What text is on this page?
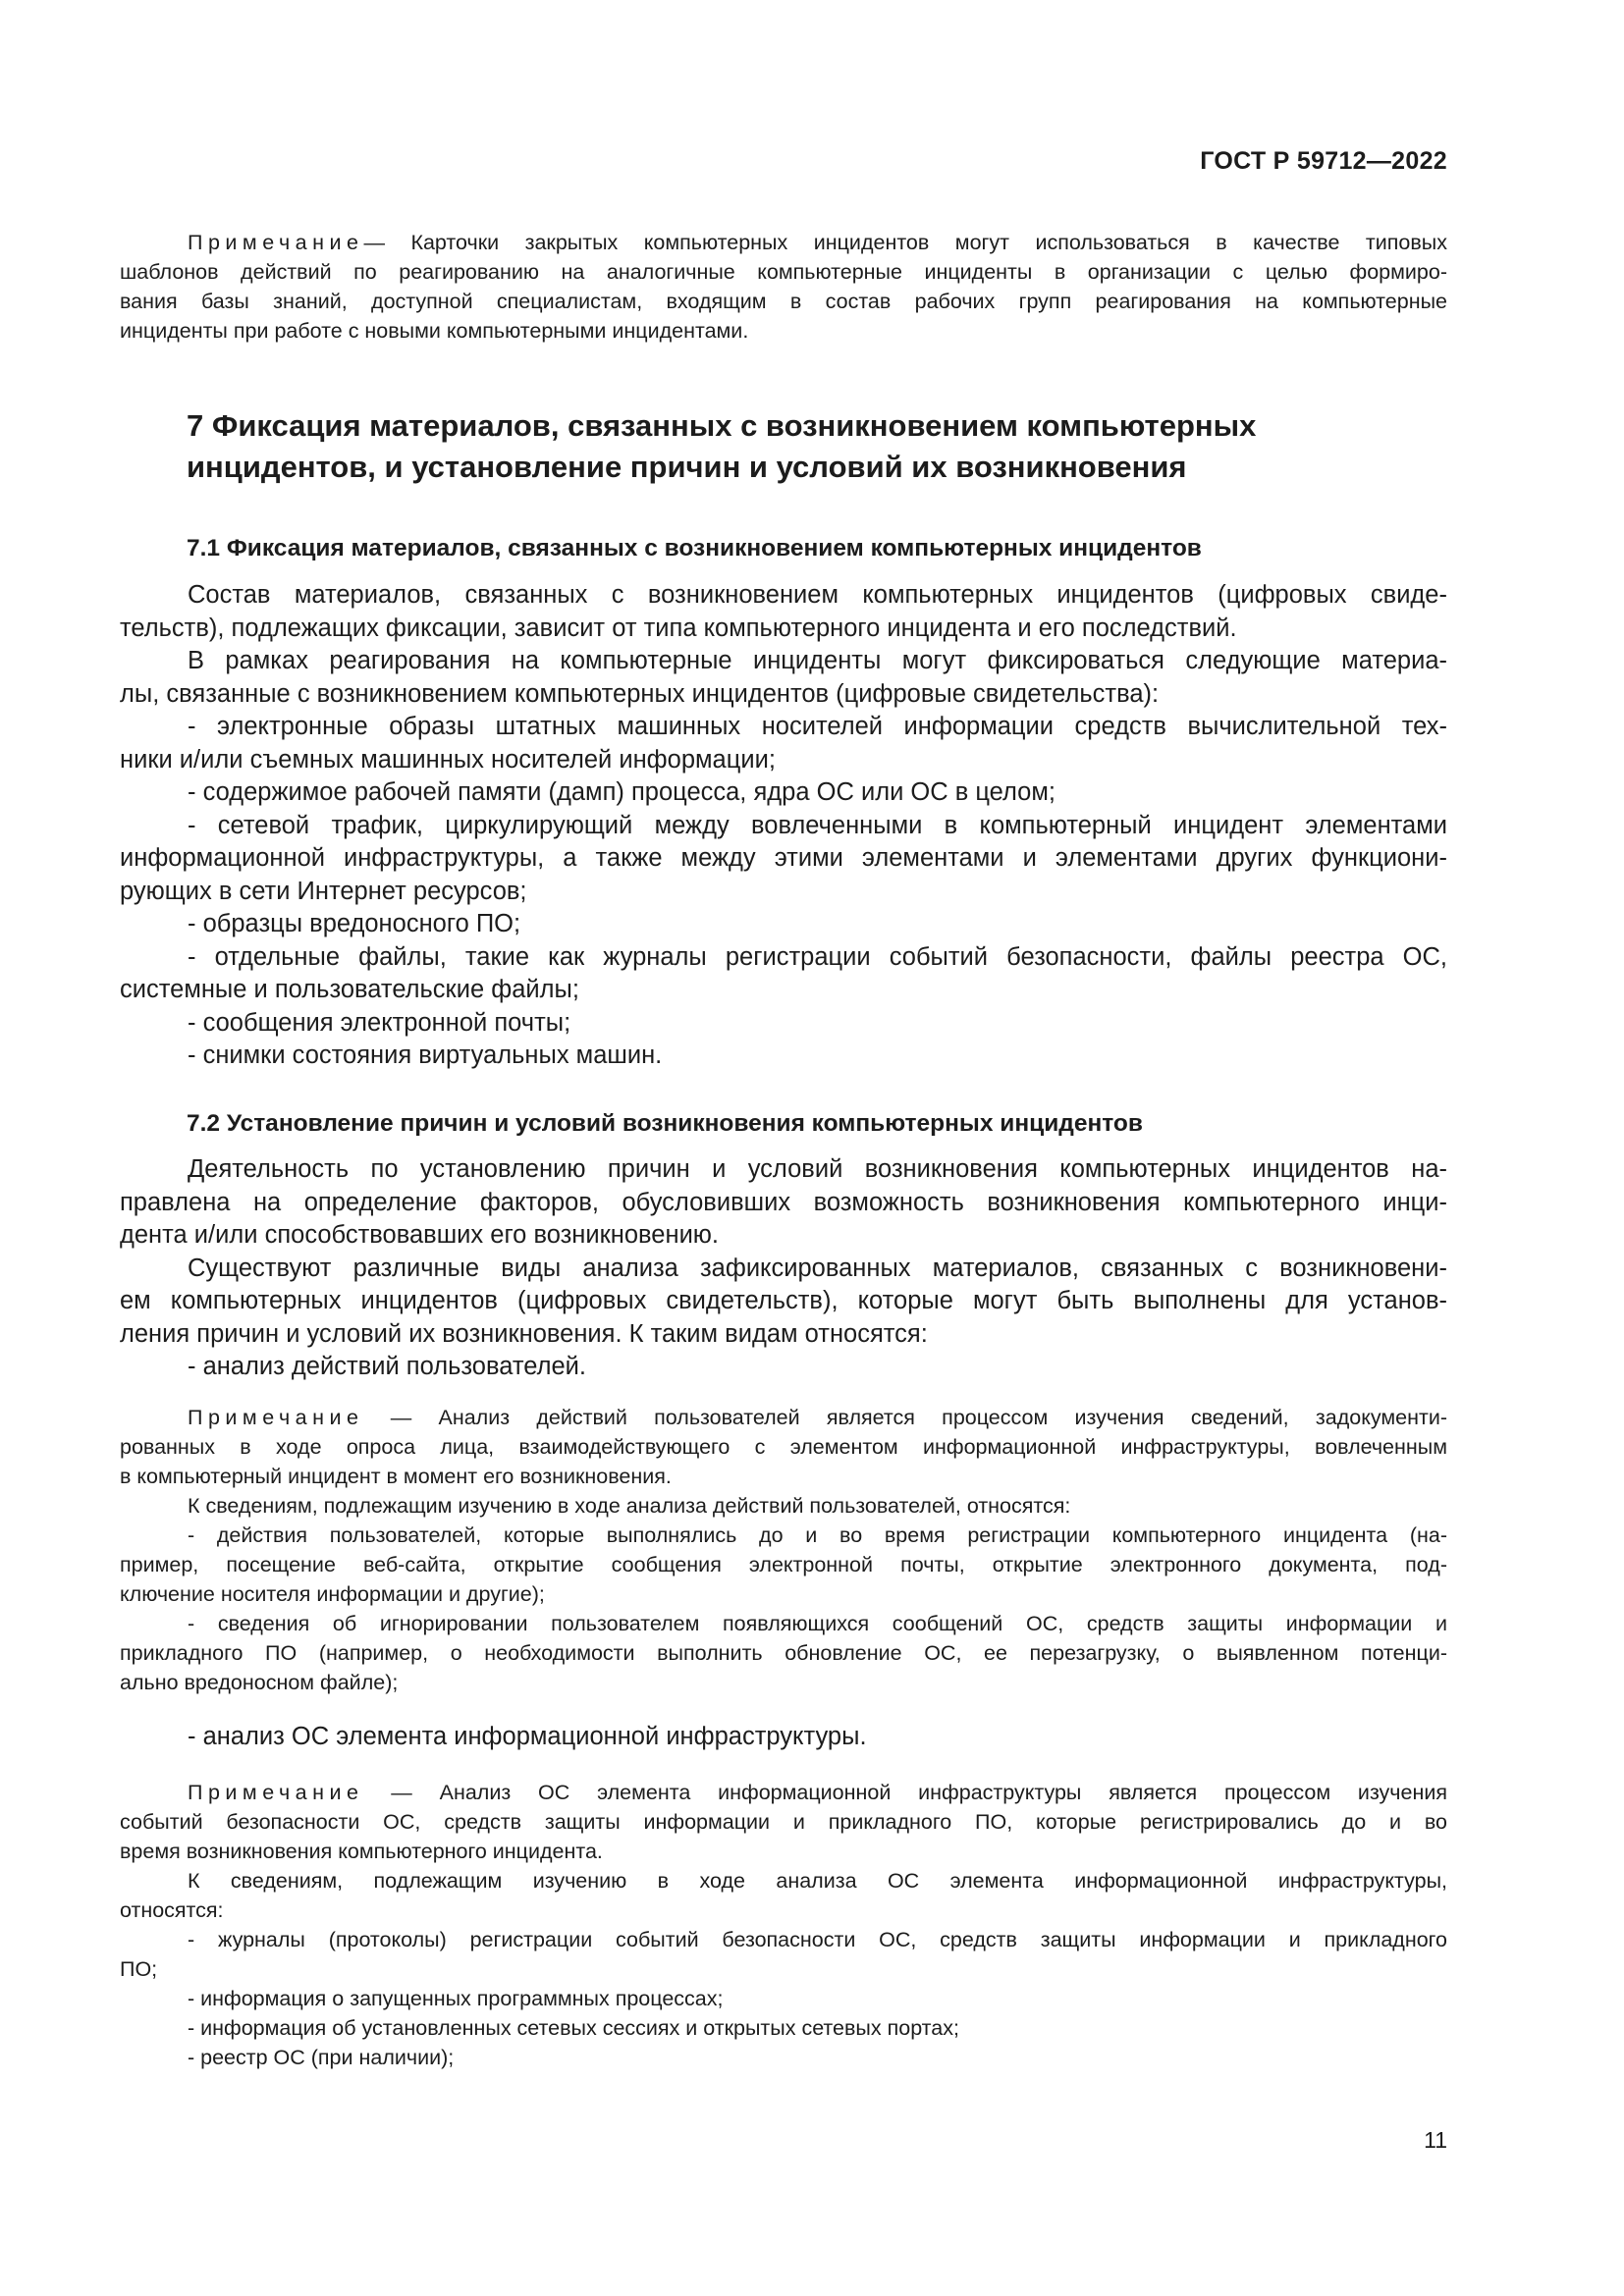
ГОСТ Р 59712—2022
Примечание— Карточки закрытых компьютерных инцидентов могут использоваться в качестве типовых
шаблонов действий по реагированию на аналогичные компьютерные инциденты в организации с целью формиро-
вания базы знаний, доступной специалистам, входящим в состав рабочих групп реагирования на компьютерные
инциденты при работе с новыми компьютерными инцидентами.
7 Фиксация материалов, связанных с возникновением компьютерных
инцидентов, и установление причин и условий их возникновения
7.1 Фиксация материалов, связанных с возникновением компьютерных инцидентов
Состав материалов, связанных с возникновением компьютерных инцидентов (цифровых свиде-
тельств), подлежащих фиксации, зависит от типа компьютерного инцидента и его последствий.
В рамках реагирования на компьютерные инциденты могут фиксироваться следующие материа-
лы, связанные с возникновением компьютерных инцидентов (цифровые свидетельства):
- электронные образы штатных машинных носителей информации средств вычислительной тех-
ники и/или съемных машинных носителей информации;
- содержимое рабочей памяти (дамп) процесса, ядра ОС или ОС в целом;
- сетевой трафик, циркулирующий между вовлеченными в компьютерный инцидент элементами
информационной инфраструктуры, а также между этими элементами и элементами других функциони-
рующих в сети Интернет ресурсов;
- образцы вредоносного ПО;
- отдельные файлы, такие как журналы регистрации событий безопасности, файлы реестра ОС,
системные и пользовательские файлы;
- сообщения электронной почты;
- снимки состояния виртуальных машин.
7.2 Установление причин и условий возникновения компьютерных инцидентов
Деятельность по установлению причин и условий возникновения компьютерных инцидентов на-
правлена на определение факторов, обусловивших возможность возникновения компьютерного инци-
дента и/или способствовавших его возникновению.
Существуют различные виды анализа зафиксированных материалов, связанных с возникновени-
ем компьютерных инцидентов (цифровых свидетельств), которые могут быть выполнены для установ-
ления причин и условий их возникновения. К таким видам относятся:
- анализ действий пользователей.
Примечание — Анализ действий пользователей является процессом изучения сведений, задокументи-
рованных в ходе опроса лица, взаимодействующего с элементом информационной инфраструктуры, вовлеченным
в компьютерный инцидент в момент его возникновения.
К сведениям, подлежащим изучению в ходе анализа действий пользователей, относятся:
- действия пользователей, которые выполнялись до и во время регистрации компьютерного инцидента (на-
пример, посещение веб-сайта, открытие сообщения электронной почты, открытие электронного документа, под-
ключение носителя информации и другие);
- сведения об игнорировании пользователем появляющихся сообщений ОС, средств защиты информации и
прикладного ПО (например, о необходимости выполнить обновление ОС, ее перезагрузку, о выявленном потенци-
ально вредоносном файле);
- анализ ОС элемента информационной инфраструктуры.
Примечание — Анализ ОС элемента информационной инфраструктуры является процессом изучения
событий безопасности ОС, средств защиты информации и прикладного ПО, которые регистрировались до и во
время возникновения компьютерного инцидента.
К сведениям, подлежащим изучению в ходе анализа ОС элемента информационной инфраструктуры,
относятся:
- журналы (протоколы) регистрации событий безопасности ОС, средств защиты информации и прикладного
ПО;
- информация о запущенных программных процессах;
- информация об установленных сетевых сессиях и открытых сетевых портах;
- реестр ОС (при наличии);
11
